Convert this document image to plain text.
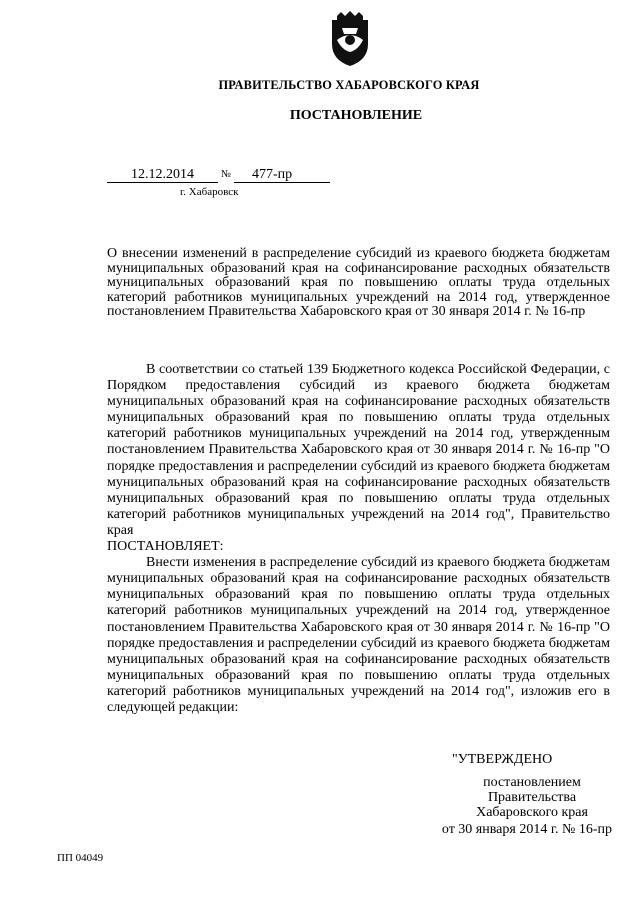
ПРАВИТЕЛЬСТВО ХАБАРОВСКОГО КРАЯ
ПОСТАНОВЛЕНИЕ
12.12.2014	№	477-пр
г. Хабаровск
О внесении изменений в распределение субсидий из краевого бюджета бюджетам муниципальных образований края на софинансирование расходных обязательств муниципальных образований края по повышению оплаты труда отдельных категорий работников муниципальных учреждений на 2014 год, утвержденное постановлением Правительства Хабаровского края от 30 января 2014 г. № 16-пр

В соответствии со статьей 139 Бюджетного кодекса Российской Федерации, с Порядком предоставления субсидий из краевого бюджета бюджетам муниципальных образований края на софинансирование расходных обязательств муниципальных образований края по повышению оплаты труда отдельных категорий работников муниципальных учреждений на 2014 год, утвержденным постановлением Правительства Хабаровского края от 30 января 2014 г. № 16-пр "О порядке предоставления и распределении субсидий из краевого бюджета бюджетам муниципальных образований края на софинансирование расходных обязательств муниципальных образований края по повышению оплаты труда отдельных категорий работников муниципальных учреждений на 2014 год", Правительство края

ПОСТАНОВЛЯЕТ:

Внести изменения в распределение субсидий из краевого бюджета бюджетам муниципальных образований края на софинансирование расходных обязательств муниципальных образований края по повышению оплаты труда отдельных категорий работников муниципальных учреждений на 2014 год, утвержденное постановлением Правительства Хабаровского края от 30 января 2014 г. № 16-пр "О порядке предоставления и распределении субсидий из краевого бюджета бюджетам муниципальных образований края на софинансирование расходных обязательств муниципальных образований края по повышению оплаты труда отдельных категорий работников муниципальных учреждений на 2014 год", изложив его в следующей редакции:

"УТВЕРЖДЕНО
постановлением
Правительства
Хабаровского края
от 30 января 2014 г. № 16-пр
ПП 04049
